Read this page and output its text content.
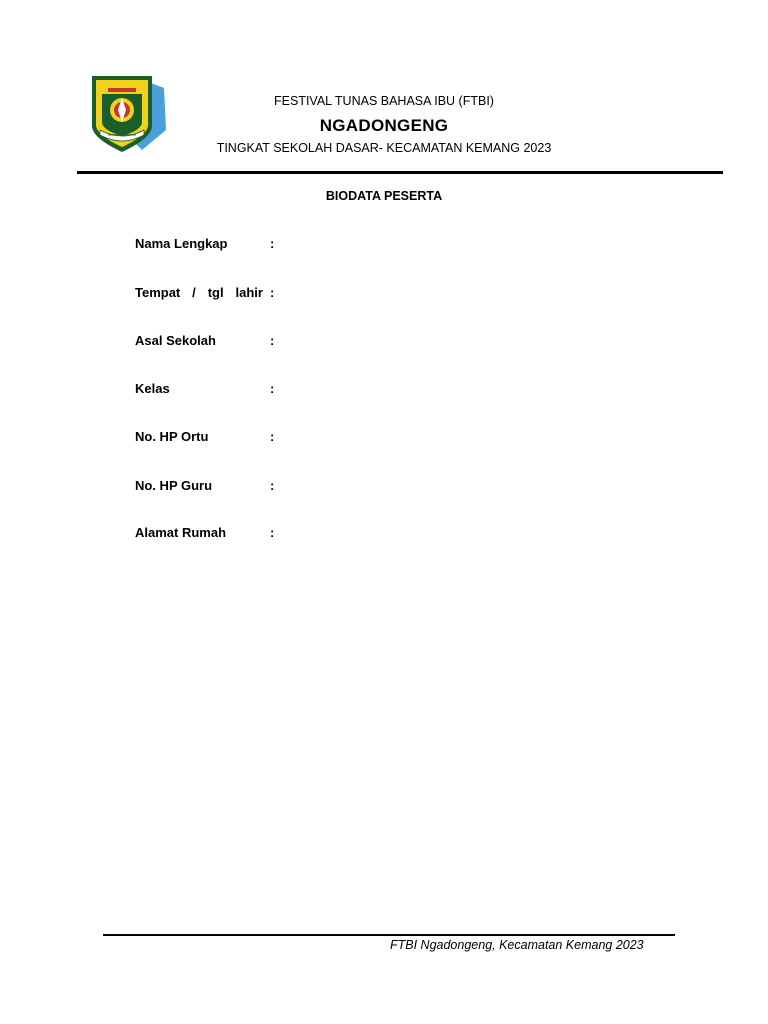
FESTIVAL TUNAS BAHASA IBU (FTBI)
NGADONGENG
TINGKAT SEKOLAH DASAR- KECAMATAN KEMANG 2023
BIODATA PESERTA
Nama Lengkap	:
Tempat / tgl lahir :
Asal Sekolah	:
Kelas	:
No. HP Ortu	:
No. HP Guru	:
Alamat Rumah	:
FTBI Ngadongeng, Kecamatan Kemang 2023
